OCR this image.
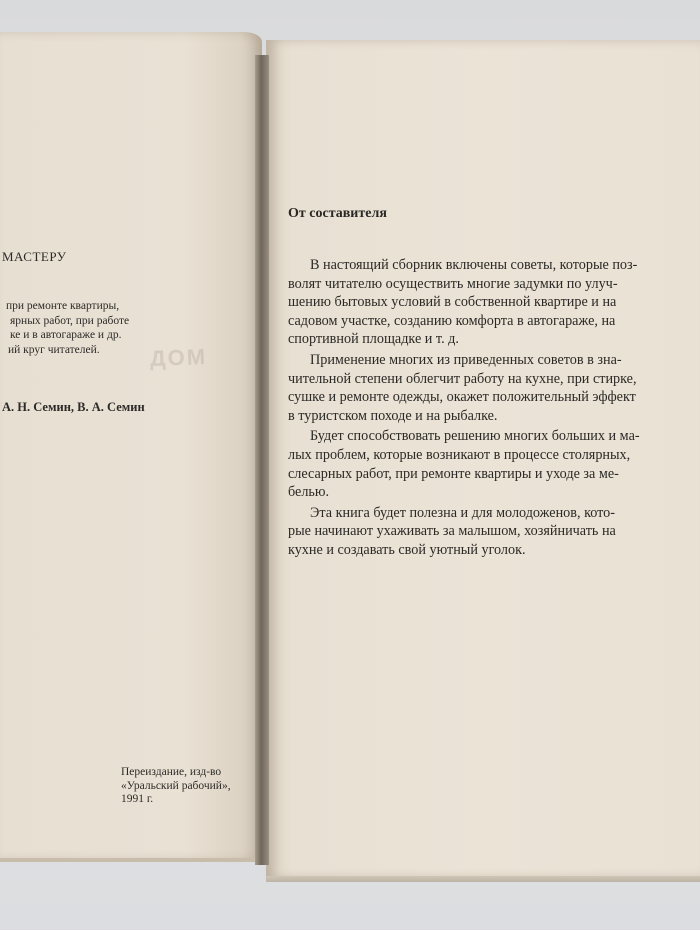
ДОМ
МАСТЕРУ
при ремонте квартиры,
ярных работ, при работе
ке и в автогараже и др.
ий круг читателей.
А. Н. Семин, В. А. Семин
Переиздание, изд-во
«Уральский рабочий»,
1991 г.
От составителя
В настоящий сборник включены советы, которые поз-
волят читателю осуществить многие задумки по улуч-
шению бытовых условий в собственной квартире и на
садовом участке, созданию комфорта в автогараже, на
спортивной площадке и т. д.
Применение многих из приведенных советов в зна-
чительной степени облегчит работу на кухне, при стирке,
сушке и ремонте одежды, окажет положительный эффект
в туристском походе и на рыбалке.
Будет способствовать решению многих больших и ма-
лых проблем, которые возникают в процессе столярных,
слесарных работ, при ремонте квартиры и уходе за ме-
белью.
Эта книга будет полезна и для молодоженов, кото-
рые начинают ухаживать за малышом, хозяйничать на
кухне и создавать свой уютный уголок.
